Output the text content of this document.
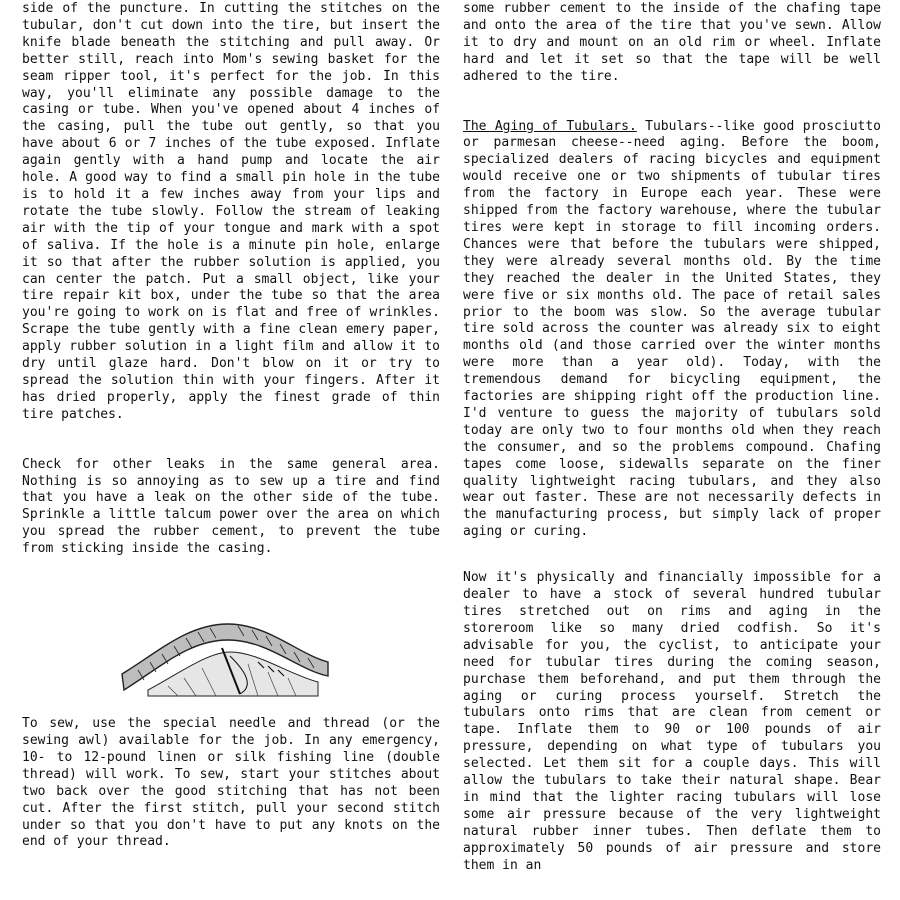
side of the puncture. In cutting the stitches on the tubular, don't cut down into the tire, but insert the knife blade beneath the stitching and pull away. Or better still, reach into Mom's sewing basket for the seam ripper tool, it's perfect for the job. In this way, you'll eliminate any possible damage to the casing or tube. When you've opened about 4 inches of the casing, pull the tube out gently, so that you have about 6 or 7 inches of the tube exposed. Inflate again gently with a hand pump and locate the air hole. A good way to find a small pin hole in the tube is to hold it a few inches away from your lips and rotate the tube slowly. Follow the stream of leaking air with the tip of your tongue and mark with a spot of saliva. If the hole is a minute pin hole, enlarge it so that after the rubber solution is applied, you can center the patch. Put a small object, like your tire repair kit box, under the tube so that the area you're going to work on is flat and free of wrinkles. Scrape the tube gently with a fine clean emery paper, apply rubber solution in a light film and allow it to dry until glaze hard. Don't blow on it or try to spread the solution thin with your fingers. After it has dried properly, apply the finest grade of thin tire patches.

Check for other leaks in the same general area. Nothing is so annoying as to sew up a tire and find that you have a leak on the other side of the tube. Sprinkle a little talcum power over the area on which you spread the rubber cement, to prevent the tube from sticking inside the casing.

To sew, use the special needle and thread (or the sewing awl) available for the job. In any emergency, 10- to 12-pound linen or silk fishing line (double thread) will work. To sew, start your stitches about two back over the good stitching that has not been cut. After the first stitch, pull your second stitch under so that you don't have to put any knots on the end of your thread.

some rubber cement to the inside of the chafing tape and onto the area of the tire that you've sewn. Allow it to dry and mount on an old rim or wheel. Inflate hard and let it set so that the tape will be well adhered to the tire.

The Aging of Tubulars. Tubulars--like good prosciutto or parmesan cheese--need aging. Before the boom, specialized dealers of racing bicycles and equipment would receive one or two shipments of tubular tires from the factory in Europe each year. These were shipped from the factory warehouse, where the tubular tires were kept in storage to fill incoming orders. Chances were that before the tubulars were shipped, they were already several months old. By the time they reached the dealer in the United States, they were five or six months old. The pace of retail sales prior to the boom was slow. So the average tubular tire sold across the counter was already six to eight months old (and those carried over the winter months were more than a year old). Today, with the tremendous demand for bicycling equipment, the factories are shipping right off the production line. I'd venture to guess the majority of tubulars sold today are only two to four months old when they reach the consumer, and so the problems compound. Chafing tapes come loose, sidewalls separate on the finer quality lightweight racing tubulars, and they also wear out faster. These are not necessarily defects in the manufacturing process, but simply lack of proper aging or curing.

Now it's physically and financially impossible for a dealer to have a stock of several hundred tubular tires stretched out on rims and aging in the storeroom like so many dried codfish. So it's advisable for you, the cyclist, to anticipate your need for tubular tires during the coming season, purchase them beforehand, and put them through the aging or curing process yourself. Stretch the tubulars onto rims that are clean from cement or tape. Inflate them to 90 or 100 pounds of air pressure, depending on what type of tubulars you selected. Let them sit for a couple days. This will allow the tubulars to take their natural shape. Bear in mind that the lighter racing tubulars will lose some air pressure because of the very lightweight natural rubber inner tubes. Then deflate them to approximately 50 pounds of air pressure and store them in an
